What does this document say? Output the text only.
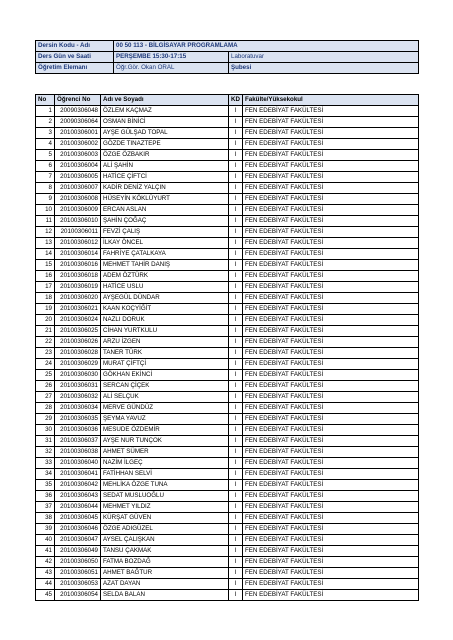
Dersin Kodu - Adı	00 50 113 - BİLGİSAYAR PROGRAMLAMA	
Ders Gün ve Saati	PERŞEMBE 15:30-17:15	Laboratuvar
Öğretim Elemanı	Öğr.Gör. Okan ORAL	Şubesi
No	Öğrenci No	Adı ve Soyadı	KD	Fakülte/Yüksekokul
1	20090306048	ÖZLEM KAÇMAZ	I	FEN EDEBİYAT FAKÜLTESİ
2	20090306064	OSMAN BİNİCİ	I	FEN EDEBİYAT FAKÜLTESİ
3	20100306001	AYŞE GÜLŞAD TOPAL	I	FEN EDEBİYAT FAKÜLTESİ
4	20100306002	GÖZDE TINAZTEPE	I	FEN EDEBİYAT FAKÜLTESİ
5	20100306003	ÖZGE ÖZBAKIR	I	FEN EDEBİYAT FAKÜLTESİ
6	20100306004	ALİ ŞAHİN	I	FEN EDEBİYAT FAKÜLTESİ
7	20100306005	HATİCE ÇİFTCİ	I	FEN EDEBİYAT FAKÜLTESİ
8	20100306007	KADİR DENİZ YALÇIN	I	FEN EDEBİYAT FAKÜLTESİ
9	20100306008	HÜSEYİN KÖKLÜYURT	I	FEN EDEBİYAT FAKÜLTESİ
10	20100306009	ERCAN ASLAN	I	FEN EDEBİYAT FAKÜLTESİ
11	20100306010	ŞAHİN ÇOĞAÇ	I	FEN EDEBİYAT FAKÜLTESİ
12	20100306011	FEVZİ ÇALIŞ	I	FEN EDEBİYAT FAKÜLTESİ
13	20100306012	İLKAY ÖNCEL	I	FEN EDEBİYAT FAKÜLTESİ
14	20100306014	FAHRİYE ÇATALKAYA	I	FEN EDEBİYAT FAKÜLTESİ
15	20100306016	MEHMET TAHİR DANIŞ	I	FEN EDEBİYAT FAKÜLTESİ
16	20100306018	ADEM ÖZTÜRK	I	FEN EDEBİYAT FAKÜLTESİ
17	20100306019	HATİCE USLU	I	FEN EDEBİYAT FAKÜLTESİ
18	20100306020	AYŞEGÜL DÜNDAR	I	FEN EDEBİYAT FAKÜLTESİ
19	20100306021	KAAN KOÇYİĞİT	I	FEN EDEBİYAT FAKÜLTESİ
20	20100306024	NAZLI DORUK	I	FEN EDEBİYAT FAKÜLTESİ
21	20100306025	CİHAN YURTKULU	I	FEN EDEBİYAT FAKÜLTESİ
22	20100306026	ARZU İZGEN	I	FEN EDEBİYAT FAKÜLTESİ
23	20100306028	TANER TÜRK	I	FEN EDEBİYAT FAKÜLTESİ
24	20100306029	MURAT ÇİFTÇİ	I	FEN EDEBİYAT FAKÜLTESİ
25	20100306030	GÖKHAN EKİNCİ	I	FEN EDEBİYAT FAKÜLTESİ
26	20100306031	SERCAN ÇİÇEK	I	FEN EDEBİYAT FAKÜLTESİ
27	20100306032	ALİ SELÇUK	I	FEN EDEBİYAT FAKÜLTESİ
28	20100306034	MERVE GÜNDÜZ	I	FEN EDEBİYAT FAKÜLTESİ
29	20100306035	ŞEYMA YAVUZ	I	FEN EDEBİYAT FAKÜLTESİ
30	20100306036	MESUDE ÖZDEMİR	I	FEN EDEBİYAT FAKÜLTESİ
31	20100306037	AYŞE NUR TUNÇOK	I	FEN EDEBİYAT FAKÜLTESİ
32	20100306038	AHMET SÜMER	I	FEN EDEBİYAT FAKÜLTESİ
33	20100306040	NAZİM İLGEÇ	I	FEN EDEBİYAT FAKÜLTESİ
34	20100306041	FATİHHAN SELVİ	I	FEN EDEBİYAT FAKÜLTESİ
35	20100306042	MEHLİKA ÖZGE TUNA	I	FEN EDEBİYAT FAKÜLTESİ
36	20100306043	SEDAT MUSLUOĞLU	I	FEN EDEBİYAT FAKÜLTESİ
37	20100306044	MEHMET YILDIZ	I	FEN EDEBİYAT FAKÜLTESİ
38	20100306045	KÜRŞAT GÜVEN	I	FEN EDEBİYAT FAKÜLTESİ
39	20100306046	ÖZGE ADIGÜZEL	I	FEN EDEBİYAT FAKÜLTESİ
40	20100306047	AYSEL ÇALIŞKAN	I	FEN EDEBİYAT FAKÜLTESİ
41	20100306049	TANSU ÇAKMAK	I	FEN EDEBİYAT FAKÜLTESİ
42	20100306050	FATMA BOZDAĞ	I	FEN EDEBİYAT FAKÜLTESİ
43	20100306051	AHMET BAĞTUR	I	FEN EDEBİYAT FAKÜLTESİ
44	20100306053	AZAT DAYAN	I	FEN EDEBİYAT FAKÜLTESİ
45	20100306054	SELDA BALAN	I	FEN EDEBİYAT FAKÜLTESİ
